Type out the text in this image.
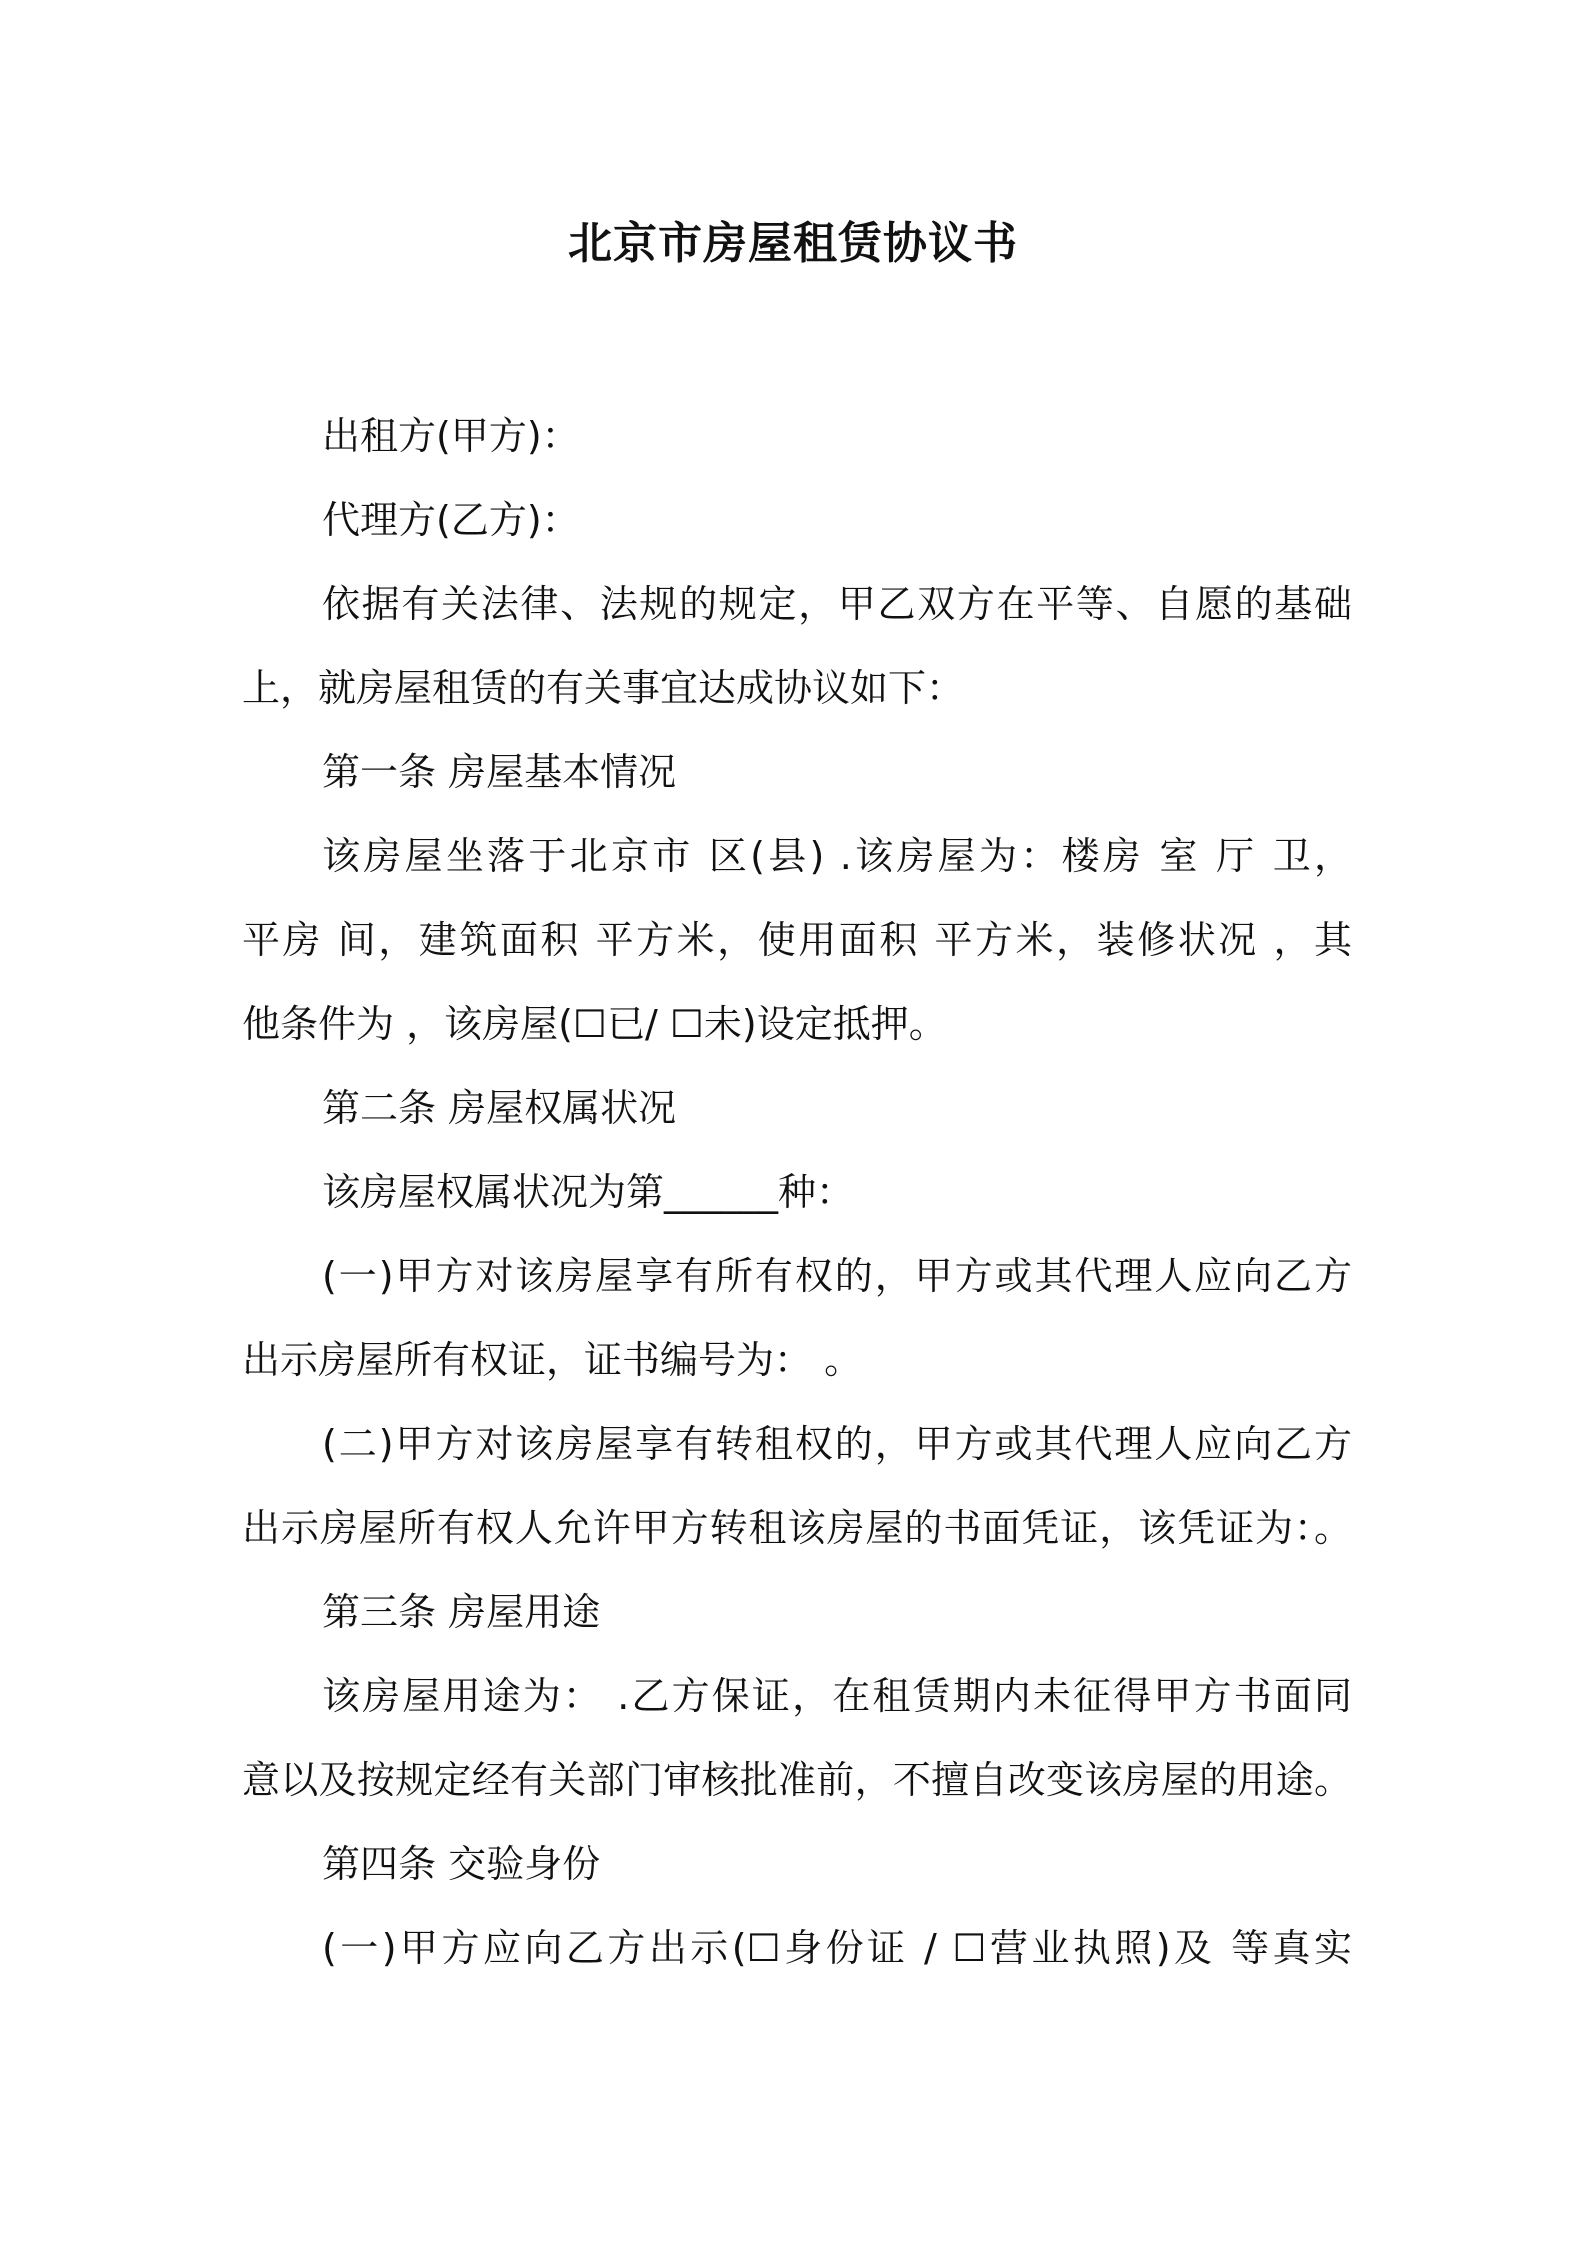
北京市房屋租赁协议书

出租方(甲方)：

代理方(乙方)：

依据有关法律、法规的规定，甲乙双方在平等、自愿的基础

上，就房屋租赁的有关事宜达成协议如下：

第一条 房屋基本情况

该房屋坐落于北京市 区(县) .该房屋为：楼房 室 厅 卫，

平房 间，建筑面积 平方米，使用面积 平方米，装修状况 ，其

他条件为 ，该房屋(☐已/ ☐未)设定抵押。

第二条 房屋权属状况

该房屋权属状况为第______种：

(一)甲方对该房屋享有所有权的，甲方或其代理人应向乙方

出示房屋所有权证，证书编号为： 。

(二)甲方对该房屋享有转租权的，甲方或其代理人应向乙方

出示房屋所有权人允许甲方转租该房屋的书面凭证，该凭证为：。

第三条 房屋用途

该房屋用途为： .乙方保证，在租赁期内未征得甲方书面同

意以及按规定经有关部门审核批准前，不擅自改变该房屋的用途。

第四条 交验身份

(一)甲方应向乙方出示(☐身份证 / ☐营业执照)及 等真实
